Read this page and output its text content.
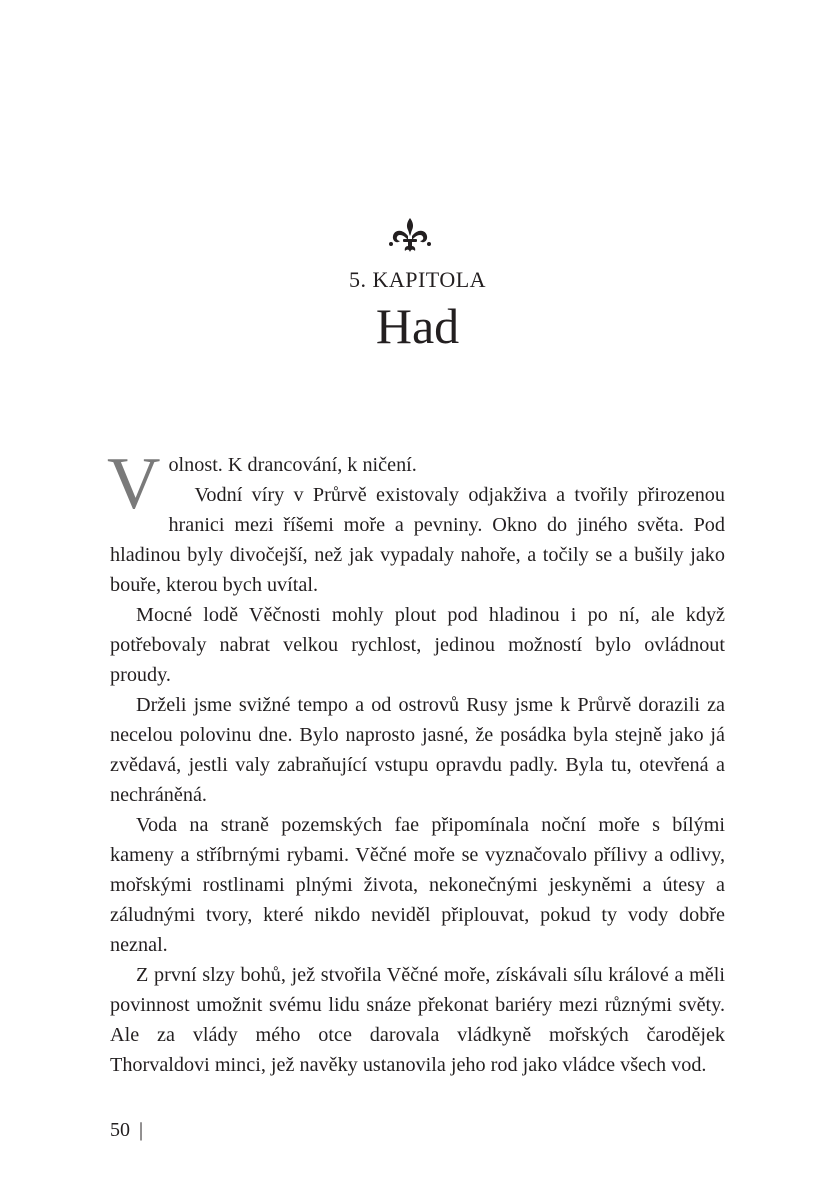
5. KAPITOLA
Had

Volnost. K drancování, k ničení.

Vodní víry v Průrvě existovaly odjakživa a tvořily přirozenou hranici mezi říšemi moře a pevniny. Okno do jiného světa. Pod hladinou byly divočejší, než jak vypadaly nahoře, a točily se a bušily jako bouře, kterou bych uvítal.

Mocné lodě Věčnosti mohly plout pod hladinou i po ní, ale když potřebovaly nabrat velkou rychlost, jedinou možností bylo ovládnout proudy.

Drželi jsme svižné tempo a od ostrovů Rusy jsme k Průrvě dorazili za necelou polovinu dne. Bylo naprosto jasné, že posádka byla stejně jako já zvědavá, jestli valy zabraňující vstupu opravdu padly. Byla tu, otevřená a nechráněná.

Voda na straně pozemských fae připomínala noční moře s bílými kameny a stříbrnými rybami. Věčné moře se vyznačovalo přílivy a odlivy, mořskými rostlinami plnými života, nekonečnými jeskyněmi a útesy a záludnými tvory, které nikdo neviděl připlouvat, pokud ty vody dobře neznal.

Z první slzy bohů, jež stvořila Věčné moře, získávali sílu králové a měli povinnost umožnit svému lidu snáze překonat bariéry mezi různými světy. Ale za vlády mého otce darovala vládkyně mořských čarodějek Thorvaldovi minci, jež navěky ustanovila jeho rod jako vládce všech vod.

50 |
